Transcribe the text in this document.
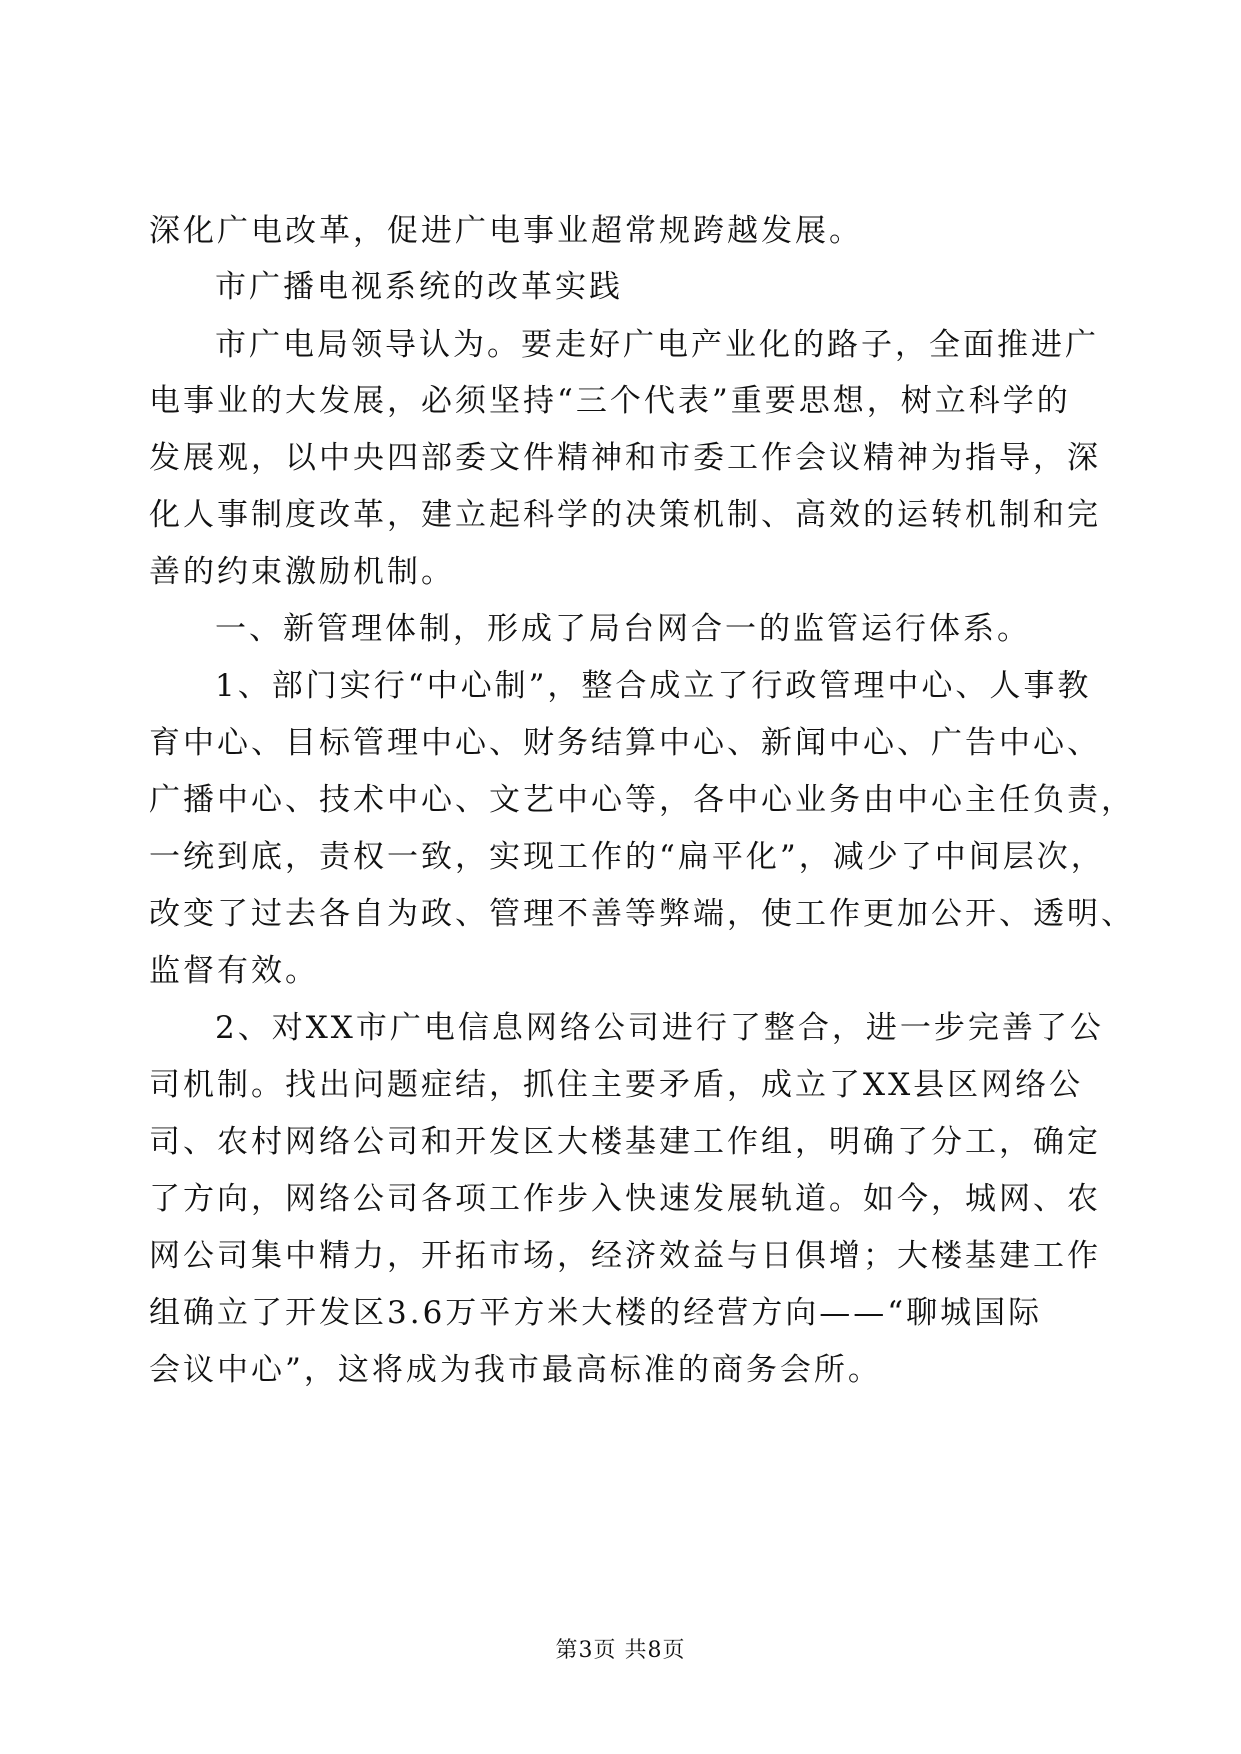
深化广电改革，促进广电事业超常规跨越发展。
市广播电视系统的改革实践
市广电局领导认为。要走好广电产业化的路子，全面推进广
电事业的大发展，必须坚持“三个代表”重要思想，树立科学的
发展观，以中央四部委文件精神和市委工作会议精神为指导，深
化人事制度改革，建立起科学的决策机制、高效的运转机制和完
善的约束激励机制。
一、新管理体制，形成了局台网合一的监管运行体系。
1、部门实行“中心制”，整合成立了行政管理中心、人事教
育中心、目标管理中心、财务结算中心、新闻中心、广告中心、
广播中心、技术中心、文艺中心等，各中心业务由中心主任负责，
一统到底，责权一致，实现工作的“扁平化”，减少了中间层次，
改变了过去各自为政、管理不善等弊端，使工作更加公开、透明、
监督有效。
2、对XX市广电信息网络公司进行了整合，进一步完善了公
司机制。找出问题症结，抓住主要矛盾，成立了XX县区网络公
司、农村网络公司和开发区大楼基建工作组，明确了分工，确定
了方向，网络公司各项工作步入快速发展轨道。如今，城网、农
网公司集中精力，开拓市场，经济效益与日俱增；大楼基建工作
组确立了开发区3.6万平方米大楼的经营方向——“聊城国际
会议中心”，这将成为我市最高标准的商务会所。
第3页 共8页
